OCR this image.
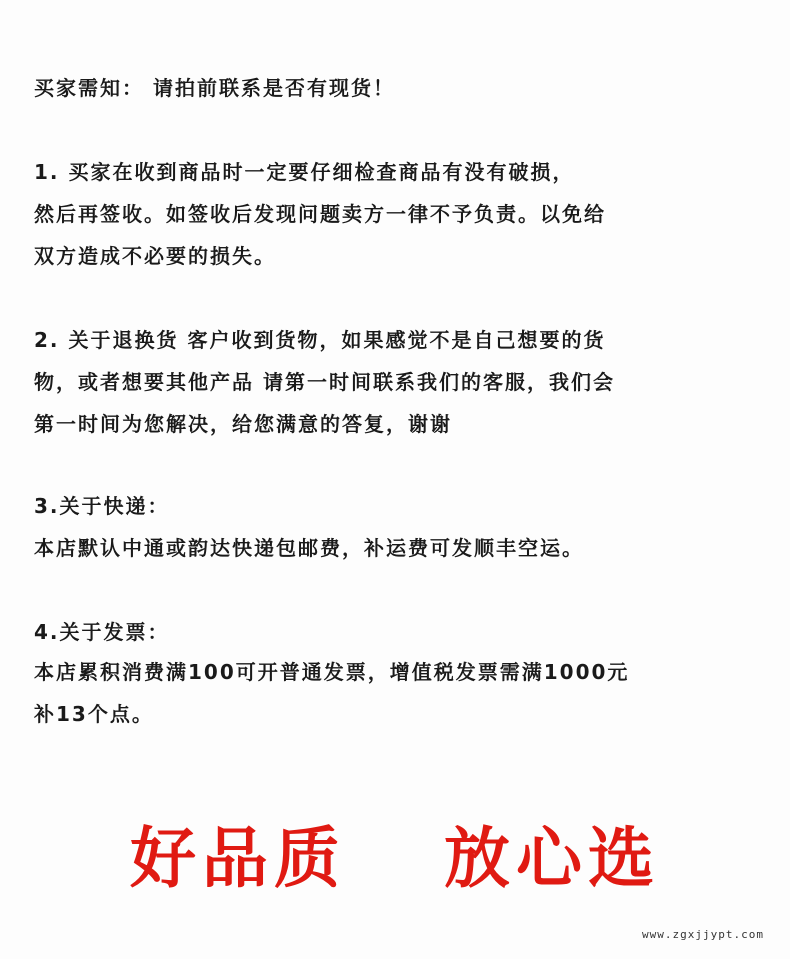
买家需知： 请拍前联系是否有现货！
1. 买家在收到商品时一定要仔细检查商品有没有破损，
然后再签收。如签收后发现问题卖方一律不予负责。以免给
双方造成不必要的损失。
2. 关于退换货 客户收到货物，如果感觉不是自己想要的货
物，或者想要其他产品 请第一时间联系我们的客服，我们会
第一时间为您解决，给您满意的答复，谢谢
3.关于快递：
本店默认中通或韵达快递包邮费，补运费可发顺丰空运。
4.关于发票：
本店累积消费满100可开普通发票，增值税发票需满1000元
补13个点。
好品质 放心选
www.zgxjjypt.com
